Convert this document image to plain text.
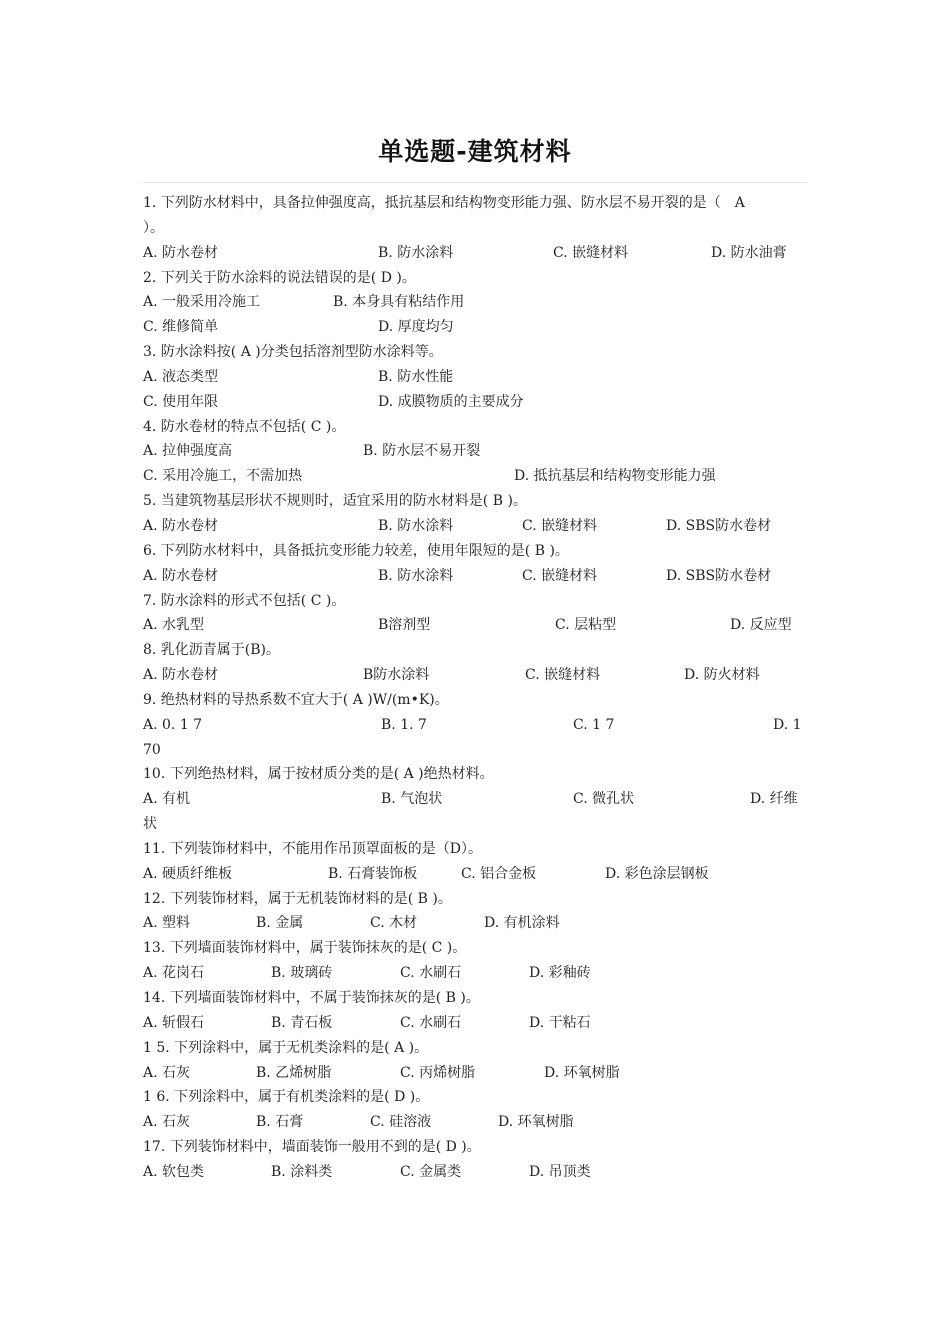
单选题-建筑材料
1. 下列防水材料中，具备拉伸强度高，抵抗基层和结构物变形能力强、防水层不易开裂的是（　A
）。
A. 防水卷材	B. 防水涂料	C. 嵌缝材料	D. 防水油膏
2. 下列关于防水涂料的说法错误的是( D )。
A. 一般采用冷施工	B. 本身具有粘结作用
C. 维修简单	D. 厚度均匀
3. 防水涂料按( A )分类包括溶剂型防水涂料等。
A. 液态类型	B. 防水性能
C. 使用年限	D. 成膜物质的主要成分
4. 防水卷材的特点不包括( C )。
A. 拉伸强度高	B. 防水层不易开裂
C. 采用冷施工，不需加热	D. 抵抗基层和结构物变形能力强
5. 当建筑物基层形状不规则时，适宜采用的防水材料是( B )。
A. 防水卷材	B. 防水涂料	C. 嵌缝材料	D. SBS防水卷材
6. 下列防水材料中，具备抵抗变形能力较差，使用年限短的是( B )。
A. 防水卷材	B. 防水涂料	C. 嵌缝材料	D. SBS防水卷材
7. 防水涂料的形式不包括( C )。
A. 水乳型	B溶剂型	C. 层粘型	D. 反应型
8. 乳化沥青属于(B)。
A. 防水卷材	B防水涂料	C. 嵌缝材料	D. 防火材料
9. 绝热材料的导热系数不宜大于( A )W/(m•K)。
A. 0. 1 7	B. 1. 7	C. 1 7	D. 1
70
10. 下列绝热材料，属于按材质分类的是( A )绝热材料。
A. 有机	B. 气泡状	C. 微孔状	D. 纤维
状
11. 下列装饰材料中，不能用作吊顶罩面板的是（D）。
A. 硬质纤维板	B. 石膏装饰板	C. 铝合金板	D. 彩色涂层钢板
12. 下列装饰材料，属于无机装饰材料的是( B )。
A. 塑料	B. 金属	C. 木材	D. 有机涂料
13. 下列墙面装饰材料中，属于装饰抹灰的是( C )。
A. 花岗石	B. 玻璃砖	C. 水刷石	D. 彩釉砖
14. 下列墙面装饰材料中，不属于装饰抹灰的是( B )。
A. 斩假石	B. 青石板	C. 水刷石	D. 干粘石
1 5. 下列涂料中，属于无机类涂料的是( A )。
A. 石灰	B. 乙烯树脂	C. 丙烯树脂	D. 环氧树脂
1 6. 下列涂料中，属于有机类涂料的是( D )。
A. 石灰	B. 石膏	C. 硅溶液	D. 环氧树脂
17. 下列装饰材料中，墙面装饰一般用不到的是( D )。
A. 软包类	B. 涂料类	C. 金属类	D. 吊顶类
